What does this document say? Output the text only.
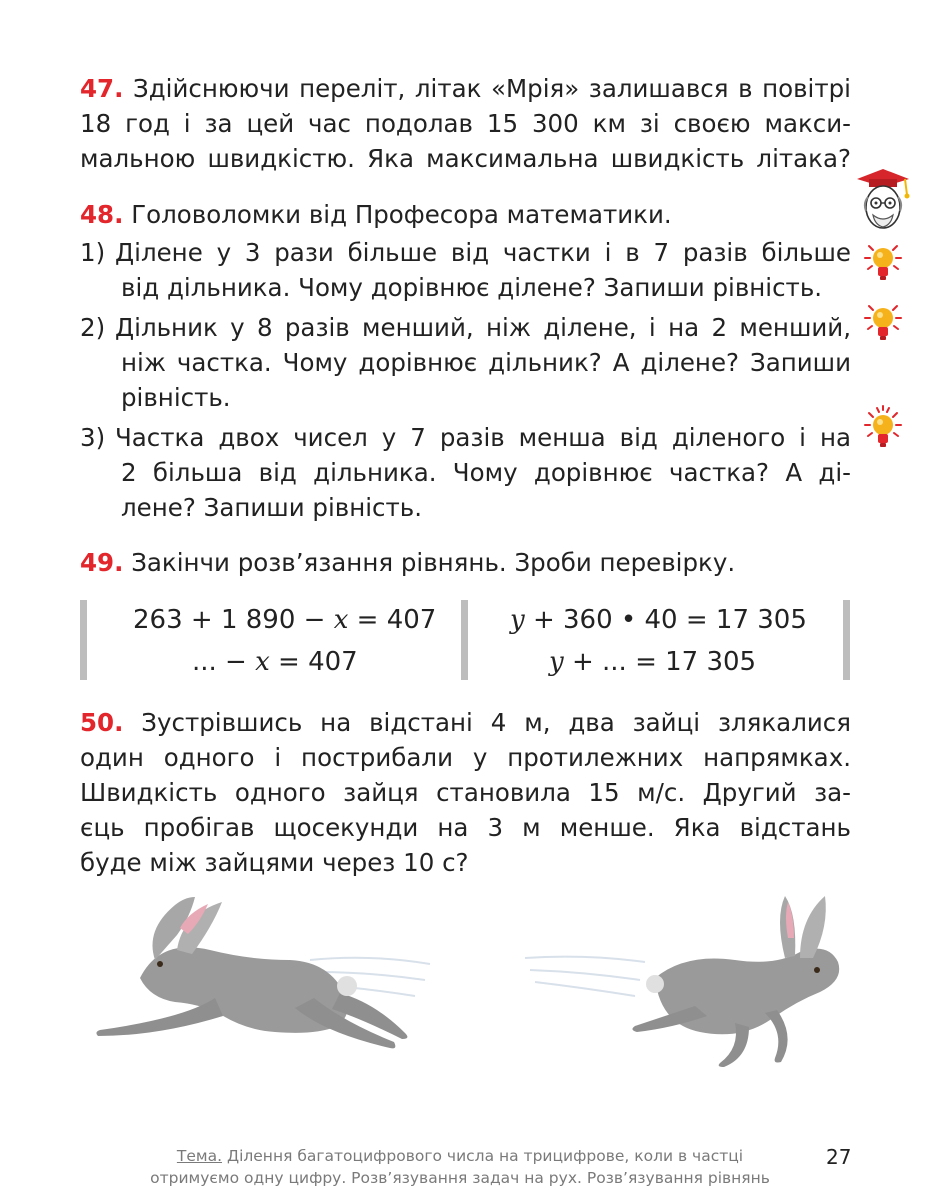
47. Здійснюючи переліт, літак «Мрія» залишався в повітрі
18 год і за цей час подолав 15 300 км зі своєю макси-
мальною швидкістю. Яка максимальна швидкість літака?
48. Головоломки від Професора математики.
1) Ділене у 3 рази більше від частки і в 7 разів більше
від дільника. Чому дорівнює ділене? Запиши рівність.
2) Дільник у 8 разів менший, ніж ділене, і на 2 менший,
ніж частка. Чому дорівнює дільник? А ділене? Запиши
рівність.
3) Частка двох чисел у 7 разів менша від діленого і на
2 більша від дільника. Чому дорівнює частка? А ді-
лене? Запиши рівність.
49. Закінчи розв’язання рівнянь. Зроби перевірку.
263 + 1 890 − x = 407
... − x = 407
y + 360 • 40 = 17 305
y + ... = 17 305
50. Зустрівшись на відстані 4 м, два зайці злякалися
один одного і пострибали у протилежних напрямках.
Швидкість одного зайця становила 15 м/с. Другий за-
єць пробігав щосекунди на 3 м менше. Яка відстань
буде між зайцями через 10 с?
Тема. Ділення багатоцифрового числа на трицифрове, коли в частці
отримуємо одну цифру. Розв’язування задач на рух. Розв’язування рівнянь
27
